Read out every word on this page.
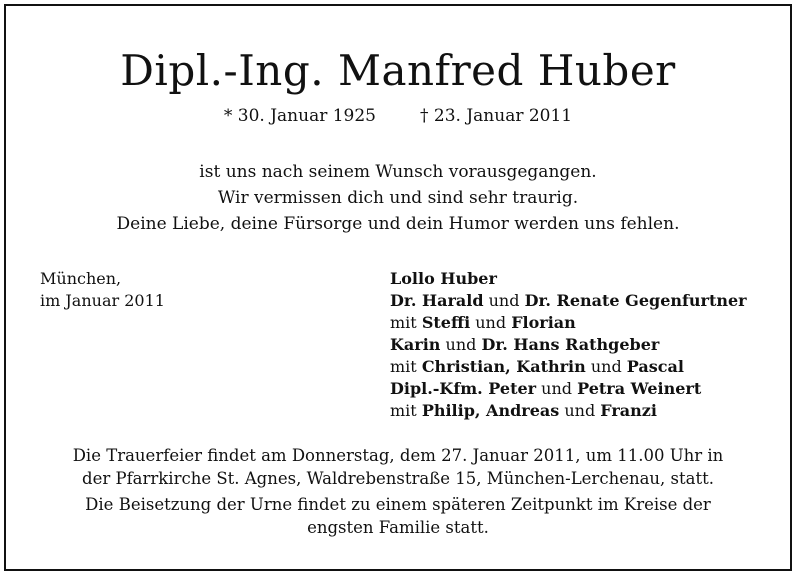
Dipl.-Ing. Manfred Huber
* 30. Januar 1925	† 23. Januar 2011
ist uns nach seinem Wunsch vorausgegangen.
Wir vermissen dich und sind sehr traurig.
Deine Liebe, deine Fürsorge und dein Humor werden uns fehlen.
München,
im Januar 2011
Lollo Huber
Dr. Harald und Dr. Renate Gegenfurtner
mit Steffi und Florian
Karin und Dr. Hans Rathgeber
mit Christian, Kathrin und Pascal
Dipl.-Kfm. Peter und Petra Weinert
mit Philip, Andreas und Franzi

Die Trauerfeier findet am Donnerstag, dem 27. Januar 2011, um 11.00 Uhr in
der Pfarrkirche St. Agnes, Waldrebenstraße 15, München-Lerchenau, statt.

Die Beisetzung der Urne findet zu einem späteren Zeitpunkt im Kreise der
engsten Familie statt.
